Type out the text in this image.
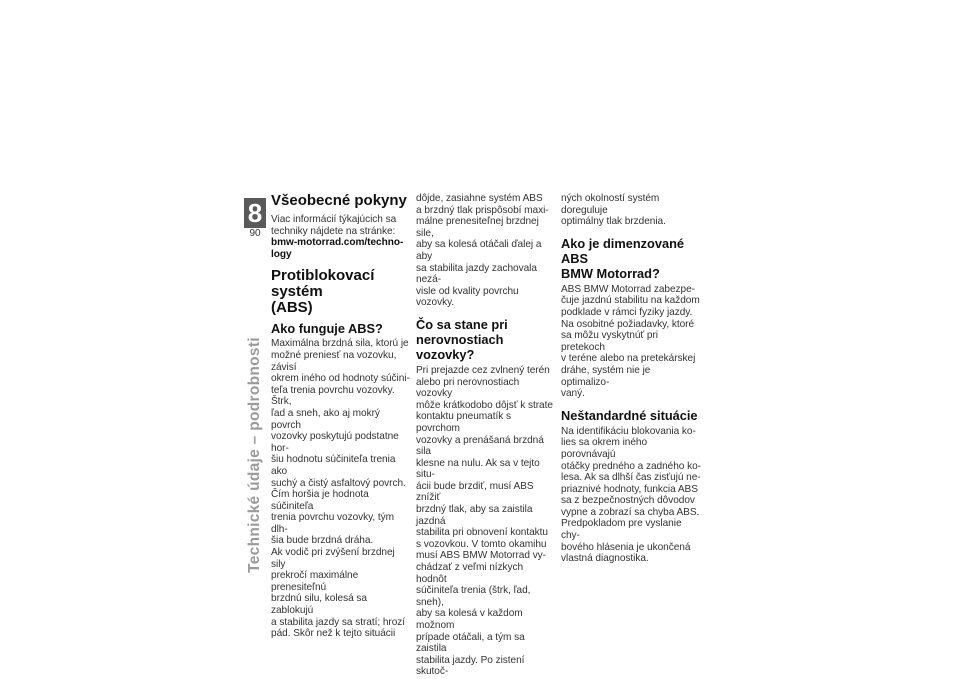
8
90
Technické údaje – podrobnosti
Všeobecné pokyny

Viac informácií týkajúcich sa
techniky nájdete na stránke:

bmw-motorrad.com/techno-
logy

Protiblokovací systém
(ABS)
Ako funguje ABS?

Maximálna brzdná sila, ktorú je
možné preniesť na vozovku, závisí
okrem iného od hodnoty súčini-
teľa trenia povrchu vozovky. Štrk,
ľad a sneh, ako aj mokrý povrch
vozovky poskytujú podstatne hor-
šiu hodnotu súčiniteľa trenia ako
suchý a čistý asfaltový povrch.
Čím horšia je hodnota súčiniteľa
trenia povrchu vozovky, tým dlh-
šia bude brzdná dráha.
Ak vodič pri zvýšení brzdnej sily
prekročí maximálne prenesiteľnú
brzdnú silu, kolesá sa zablokujú
a stabilita jazdy sa stratí; hrozí
pád. Skôr než k tejto situácii

dôjde, zasiahne systém ABS
a brzdný tlak prispôsobí maxi-
málne prenesiteľnej brzdnej sile,
aby sa kolesá otáčali ďalej a aby
sa stabilita jazdy zachovala nezá-
visle od kvality povrchu vozovky.

Čo sa stane pri
nerovnostiach vozovky?

Pri prejazde cez zvlnený terén
alebo pri nerovnostiach vozovky
môže krátkodobo dôjsť k strate
kontaktu pneumatík s povrchom
vozovky a prenášaná brzdná sila
klesne na nulu. Ak sa v tejto situ-
ácii bude brzdiť, musí ABS znížiť
brzdný tlak, aby sa zaistila jazdná
stabilita pri obnovení kontaktu
s vozovkou. V tomto okamihu
musí ABS BMW Motorrad vy-
chádzať z veľmi nízkych hodnôt
súčiniteľa trenia (štrk, ľad, sneh),
aby sa kolesá v každom možnom
prípade otáčali, a tým sa zaistila
stabilita jazdy. Po zistení skutoč-

ných okolností systém doreguluje
optimálny tlak brzdenia.

Ako je dimenzované ABS
BMW Motorrad?

ABS BMW Motorrad zabezpe-
čuje jazdnú stabilitu na každom
podklade v rámci fyziky jazdy.
Na osobitné požiadavky, ktoré
sa môžu vyskytnúť pri pretekoch
v teréne alebo na pretekárskej
dráhe, systém nie je optimalizo-
vaný.

Neštandardné situácie

Na identifikáciu blokovania ko-
lies sa okrem iného porovnávajú
otáčky predného a zadného ko-
lesa. Ak sa dlhší čas zisťujú ne-
priaznivé hodnoty, funkcia ABS
sa z bezpečnostných dôvodov
vypne a zobrazí sa chyba ABS.
Predpokladom pre vyslanie chy-
bového hlásenia je ukončená
vlastná diagnostika.
